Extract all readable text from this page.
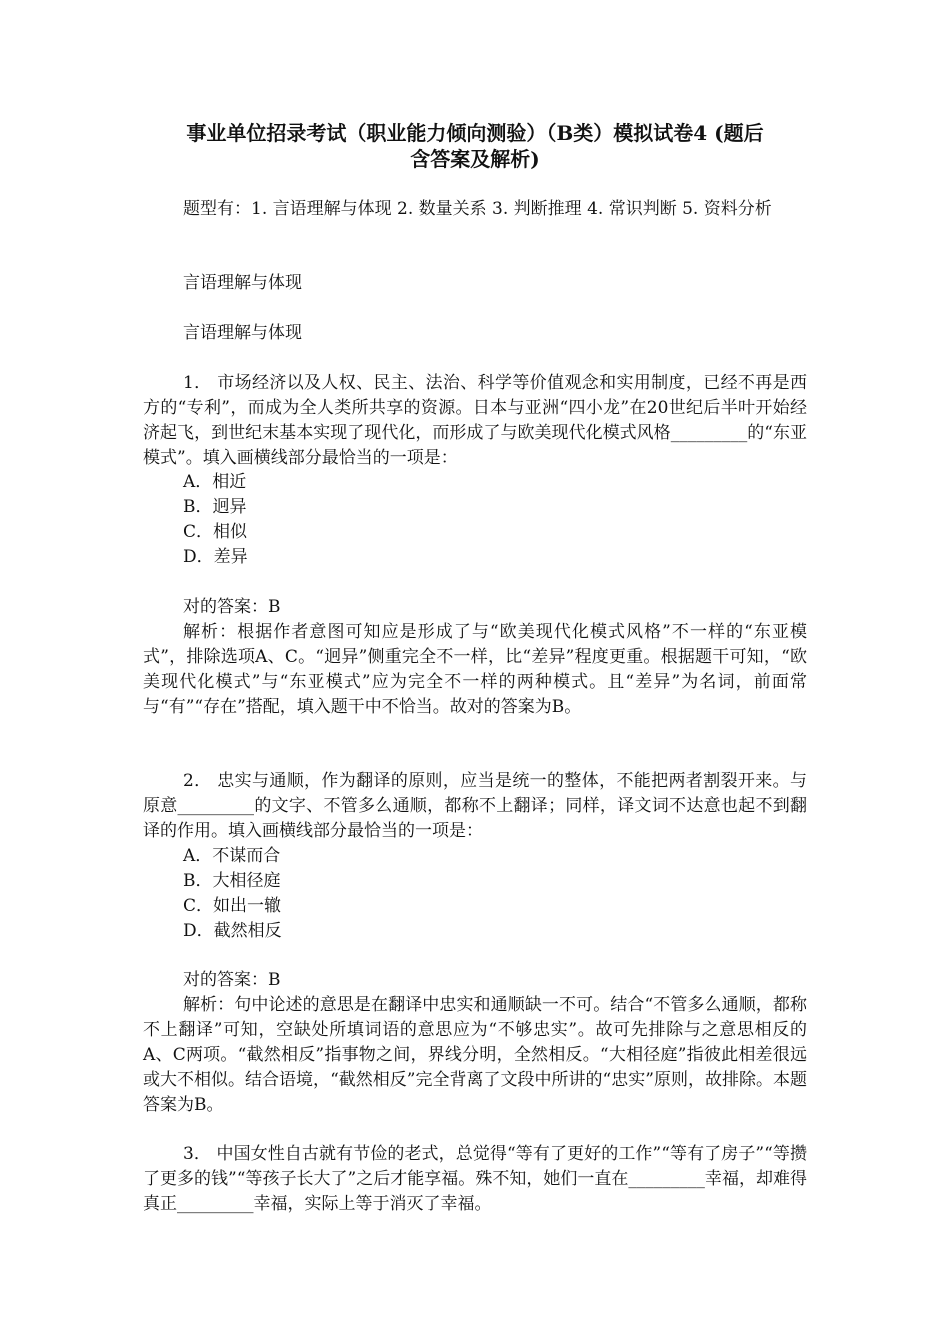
事业单位招录考试（职业能力倾向测验）（B类）模拟试卷4 (题后
含答案及解析)
题型有：1. 言语理解与体现 2. 数量关系 3. 判断推理 4. 常识判断 5. 资料分析
言语理解与体现
言语理解与体现
1． 市场经济以及人权、民主、法治、科学等价值观念和实用制度，已经不再是西方的“专利”，而成为全人类所共享的资源。日本与亚洲“四小龙”在20世纪后半叶开始经济起飞，到世纪末基本实现了现代化，而形成了与欧美现代化模式风格_________的“东亚模式”。填入画横线部分最恰当的一项是：
A．相近
B．迥异
C．相似
D．差异
对的答案：B
解析：根据作者意图可知应是形成了与“欧美现代化模式风格”不一样的“东亚模式”，排除选项A、C。“迥异”侧重完全不一样，比“差异”程度更重。根据题干可知，“欧美现代化模式”与“东亚模式”应为完全不一样的两种模式。且“差异”为名词，前面常与“有”“存在”搭配，填入题干中不恰当。故对的答案为B。
2． 忠实与通顺，作为翻译的原则，应当是统一的整体，不能把两者割裂开来。与原意_________的文字、不管多么通顺，都称不上翻译；同样，译文词不达意也起不到翻译的作用。填入画横线部分最恰当的一项是：
A．不谋而合
B．大相径庭
C．如出一辙
D．截然相反
对的答案：B
解析：句中论述的意思是在翻译中忠实和通顺缺一不可。结合“不管多么通顺，都称不上翻译”可知，空缺处所填词语的意思应为“不够忠实”。故可先排除与之意思相反的A、C两项。“截然相反”指事物之间，界线分明，全然相反。“大相径庭”指彼此相差很远或大不相似。结合语境，“截然相反”完全背离了文段中所讲的“忠实”原则，故排除。本题答案为B。
3． 中国女性自古就有节俭的老式，总觉得“等有了更好的工作”“等有了房子”“等攒了更多的钱”“等孩子长大了”之后才能享福。殊不知，她们一直在_________幸福，却难得真正_________幸福，实际上等于消灭了幸福。
